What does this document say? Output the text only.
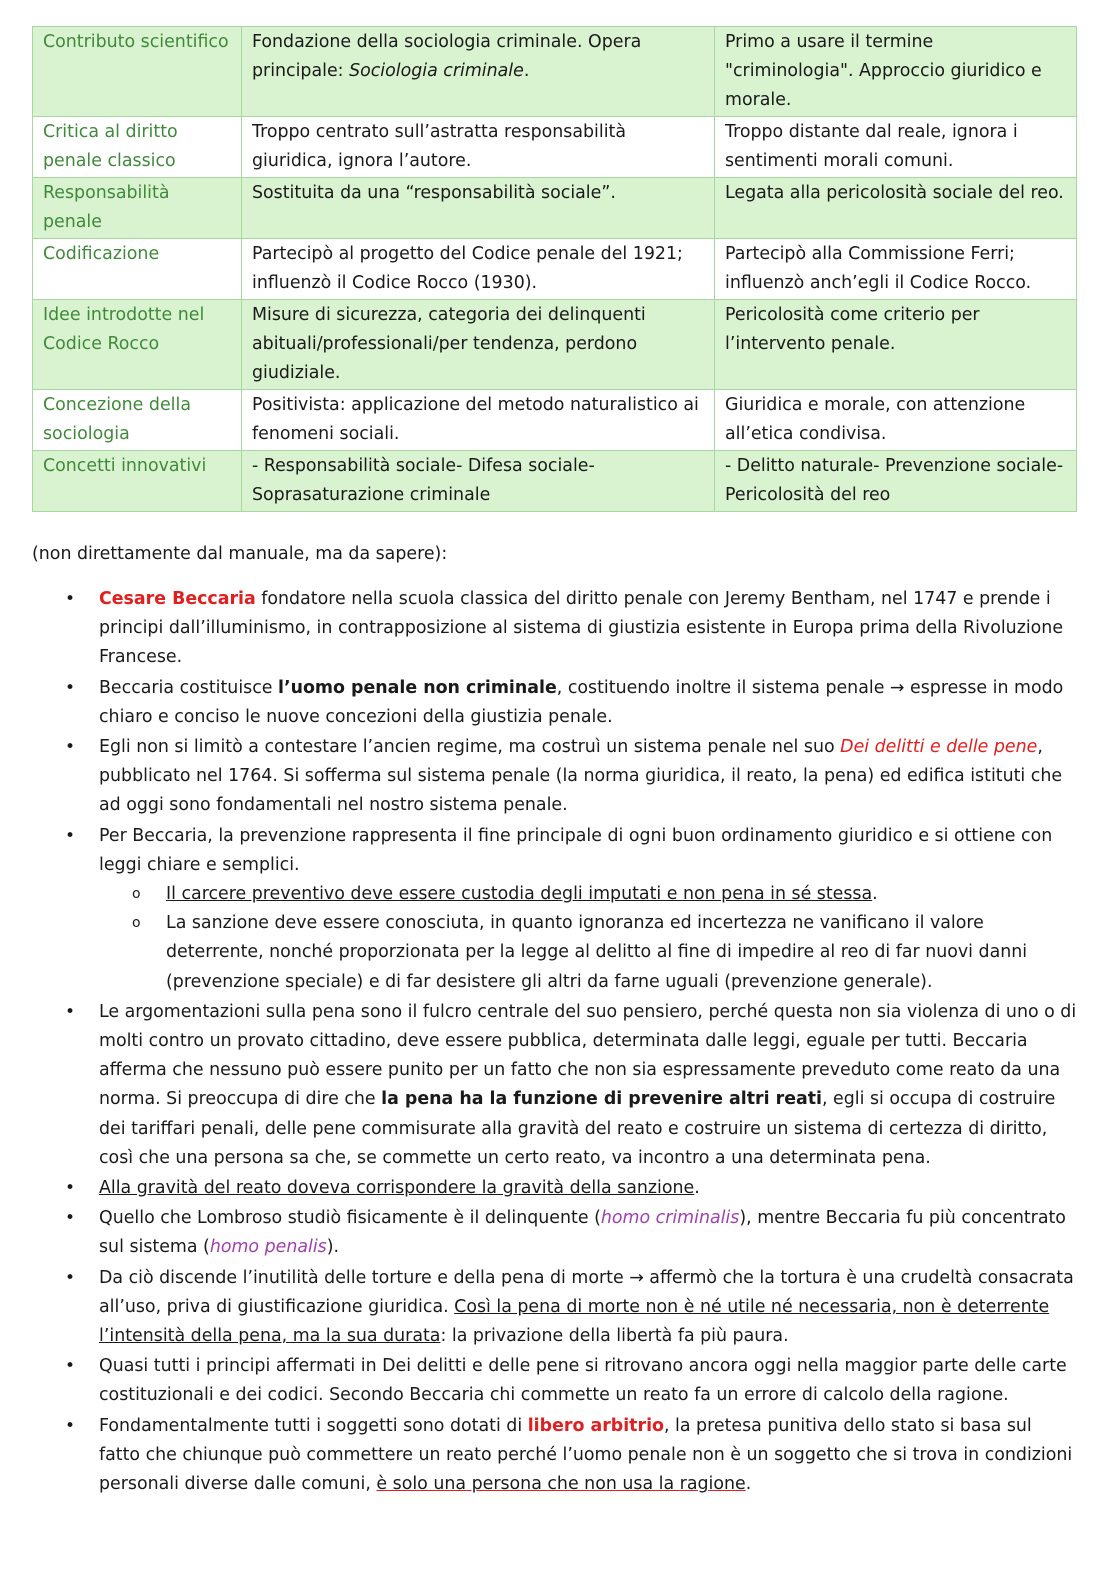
Contributo scientifico	Fondazione della sociologia criminale. Opera principale: Sociologia criminale.	Primo a usare il termine "criminologia". Approccio giuridico e morale.
Critica al diritto penale classico	Troppo centrato sull’astratta responsabilità giuridica, ignora l’autore.	Troppo distante dal reale, ignora i sentimenti morali comuni.
Responsabilità penale	Sostituita da una “responsabilità sociale”.	Legata alla pericolosità sociale del reo.
Codificazione	Partecipò al progetto del Codice penale del 1921; influenzò il Codice Rocco (1930).	Partecipò alla Commissione Ferri; influenzò anch’egli il Codice Rocco.
Idee introdotte nel Codice Rocco	Misure di sicurezza, categoria dei delinquenti abituali/professionali/per tendenza, perdono giudiziale.	Pericolosità come criterio per l’intervento penale.
Concezione della sociologia	Positivista: applicazione del metodo naturalistico ai fenomeni sociali.	Giuridica e morale, con attenzione all’etica condivisa.
Concetti innovativi	- Responsabilità sociale- Difesa sociale- Soprasaturazione criminale	- Delitto naturale- Prevenzione sociale- Pericolosità del reo
(non direttamente dal manuale, ma da sapere):
• Cesare Beccaria fondatore nella scuola classica del diritto penale con Jeremy Bentham, nel 1747 e prende i principi dall’illuminismo, in contrapposizione al sistema di giustizia esistente in Europa prima della Rivoluzione Francese.
• Beccaria costituisce l’uomo penale non criminale, costituendo inoltre il sistema penale → espresse in modo chiaro e conciso le nuove concezioni della giustizia penale.
• Egli non si limitò a contestare l’ancien regime, ma costruì un sistema penale nel suo Dei delitti e delle pene, pubblicato nel 1764. Si sofferma sul sistema penale (la norma giuridica, il reato, la pena) ed edifica istituti che ad oggi sono fondamentali nel nostro sistema penale.
• Per Beccaria, la prevenzione rappresenta il fine principale di ogni buon ordinamento giuridico e si ottiene con leggi chiare e semplici.
o Il carcere preventivo deve essere custodia degli imputati e non pena in sé stessa.
o La sanzione deve essere conosciuta, in quanto ignoranza ed incertezza ne vanificano il valore deterrente, nonché proporzionata per la legge al delitto al fine di impedire al reo di far nuovi danni (prevenzione speciale) e di far desistere gli altri da farne uguali (prevenzione generale).
• Le argomentazioni sulla pena sono il fulcro centrale del suo pensiero, perché questa non sia violenza di uno o di molti contro un provato cittadino, deve essere pubblica, determinata dalle leggi, eguale per tutti. Beccaria afferma che nessuno può essere punito per un fatto che non sia espressamente preveduto come reato da una norma. Si preoccupa di dire che la pena ha la funzione di prevenire altri reati, egli si occupa di costruire dei tariffari penali, delle pene commisurate alla gravità del reato e costruire un sistema di certezza di diritto, così che una persona sa che, se commette un certo reato, va incontro a una determinata pena.
• Alla gravità del reato doveva corrispondere la gravità della sanzione.
• Quello che Lombroso studiò fisicamente è il delinquente (homo criminalis), mentre Beccaria fu più concentrato sul sistema (homo penalis).
• Da ciò discende l’inutilità delle torture e della pena di morte → affermò che la tortura è una crudeltà consacrata all’uso, priva di giustificazione giuridica. Così la pena di morte non è né utile né necessaria, non è deterrente l’intensità della pena, ma la sua durata: la privazione della libertà fa più paura.
• Quasi tutti i principi affermati in Dei delitti e delle pene si ritrovano ancora oggi nella maggior parte delle carte costituzionali e dei codici. Secondo Beccaria chi commette un reato fa un errore di calcolo della ragione.
• Fondamentalmente tutti i soggetti sono dotati di libero arbitrio, la pretesa punitiva dello stato si basa sul fatto che chiunque può commettere un reato perché l’uomo penale non è un soggetto che si trova in condizioni personali diverse dalle comuni, è solo una persona che non usa la ragione.
